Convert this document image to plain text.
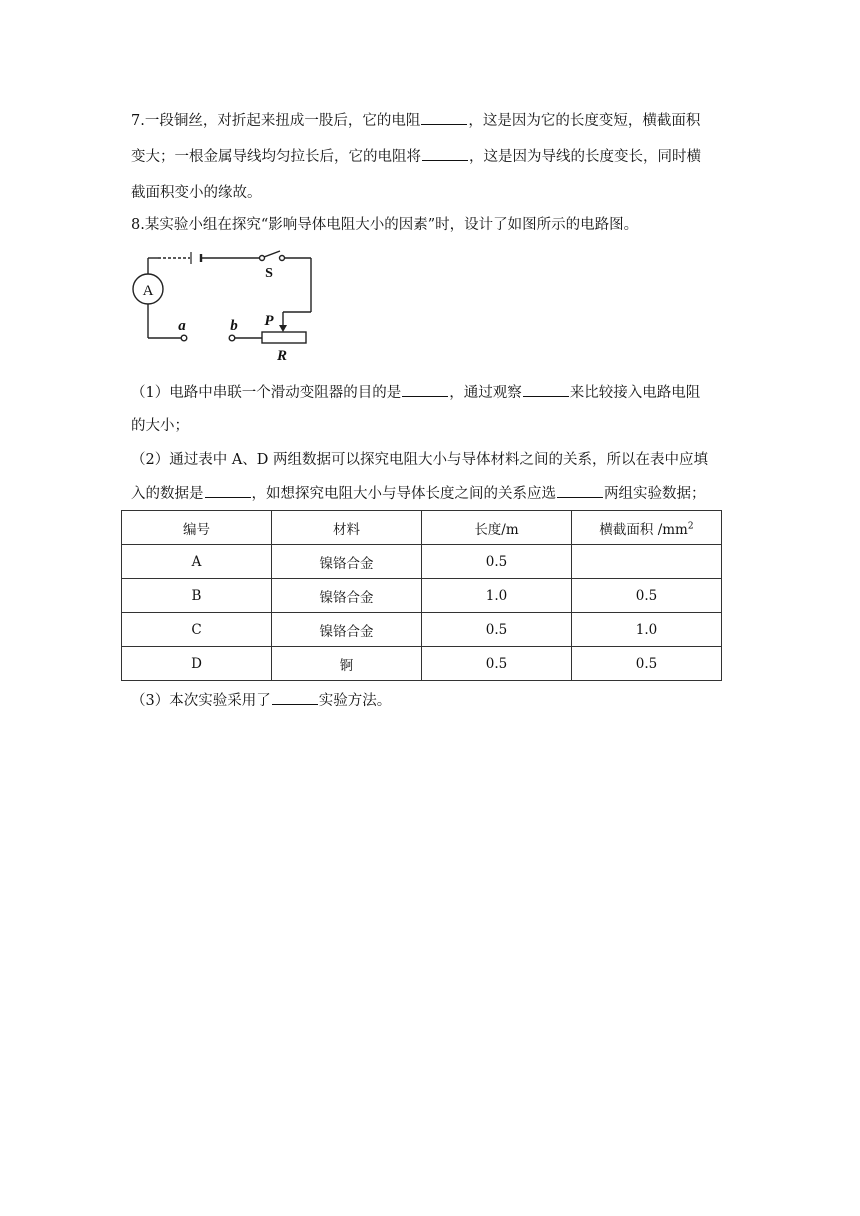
7.一段铜丝，对折起来扭成一股后，它的电阻	，这是因为它的长度变短，横截面积

变大；一根金属导线均匀拉长后，它的电阻将	，这是因为导线的长度变长，同时横

截面积变小的缘故。

8.某实验小组在探究“影响导体电阻大小的因素”时，设计了如图所示的电路图。

A
S
a	b P
R

（1）电路中串联一个滑动变阻器的目的是	，通过观察	来比较接入电路电阻

的大小；

（2）通过表中 A、D 两组数据可以探究电阻大小与导体材料之间的关系，所以在表中应填

入的数据是	，如想探究电阻大小与导体长度之间的关系应选	两组实验数据；

编号	材料	长度/m	横截面积 $/mm^2$
A	镍铬合金	0.5	
B	镍铬合金	1.0	0.5
C	镍铬合金	0.5	1.0
D	锕	0.5	0.5

（3）本次实验采用了	实验方法。
